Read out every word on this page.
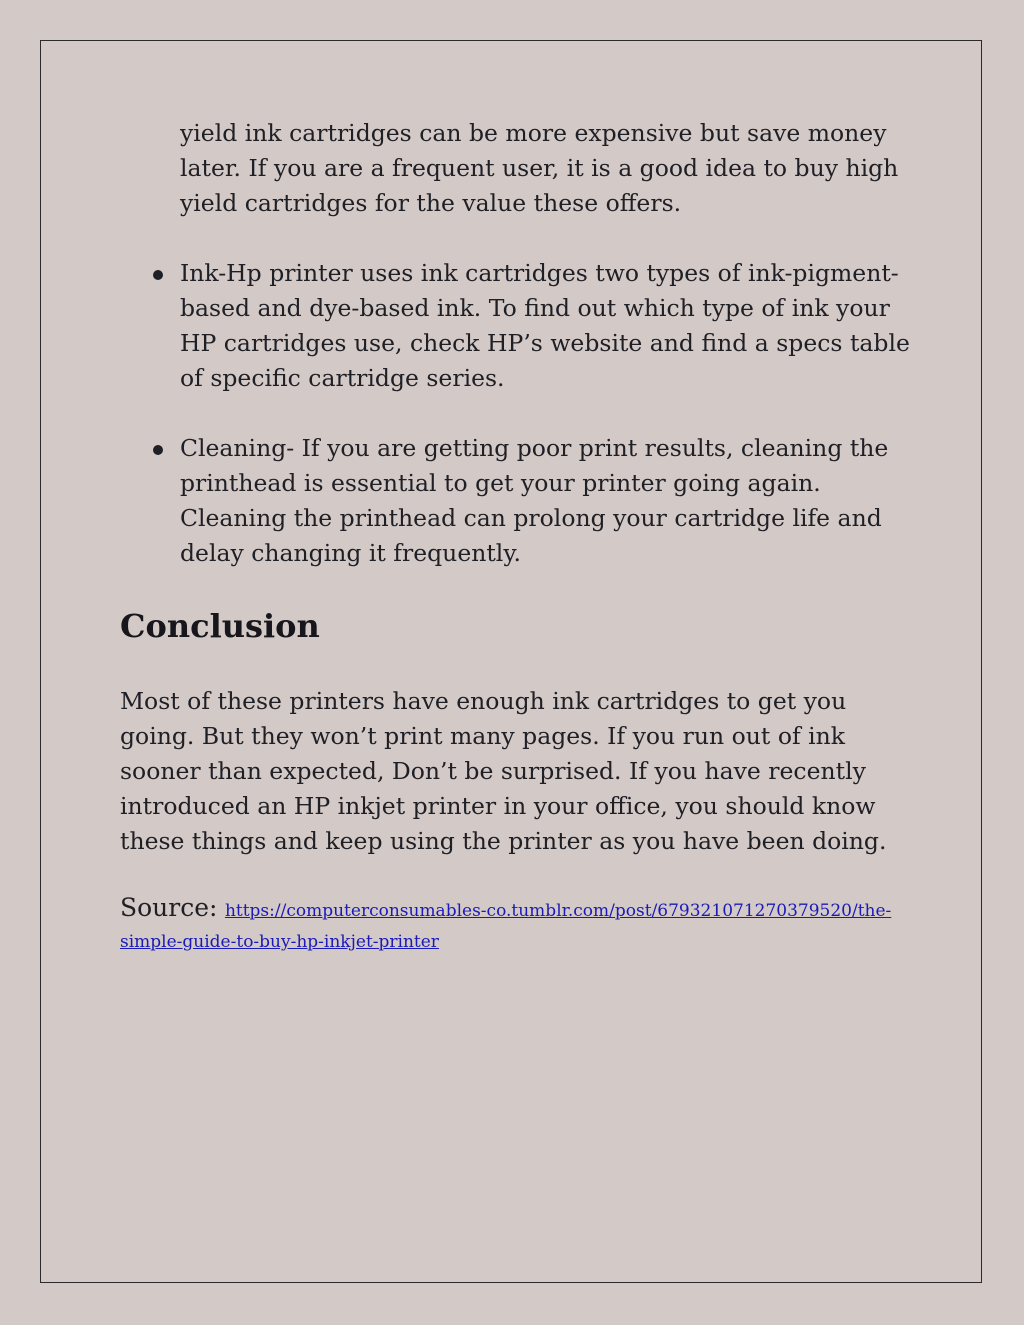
yield ink cartridges can be more expensive but save money later. If you are a frequent user, it is a good idea to buy high yield cartridges for the value these offers.

Ink-Hp printer uses ink cartridges two types of ink-pigment-based and dye-based ink. To find out which type of ink your HP cartridges use, check HP’s website and find a specs table of specific cartridge series.
Cleaning- If you are getting poor print results, cleaning the printhead is essential to get your printer going again. Cleaning the printhead can prolong your cartridge life and delay changing it frequently.
Conclusion

Most of these printers have enough ink cartridges to get you going. But they won’t print many pages. If you run out of ink sooner than expected, Don’t be surprised. If you have recently introduced an HP inkjet printer in your office, you should know these things and keep using the printer as you have been doing.

Source: https://computerconsumables-co.tumblr.com/post/679321071270379520/the-simple-guide-to-buy-hp-inkjet-printer
